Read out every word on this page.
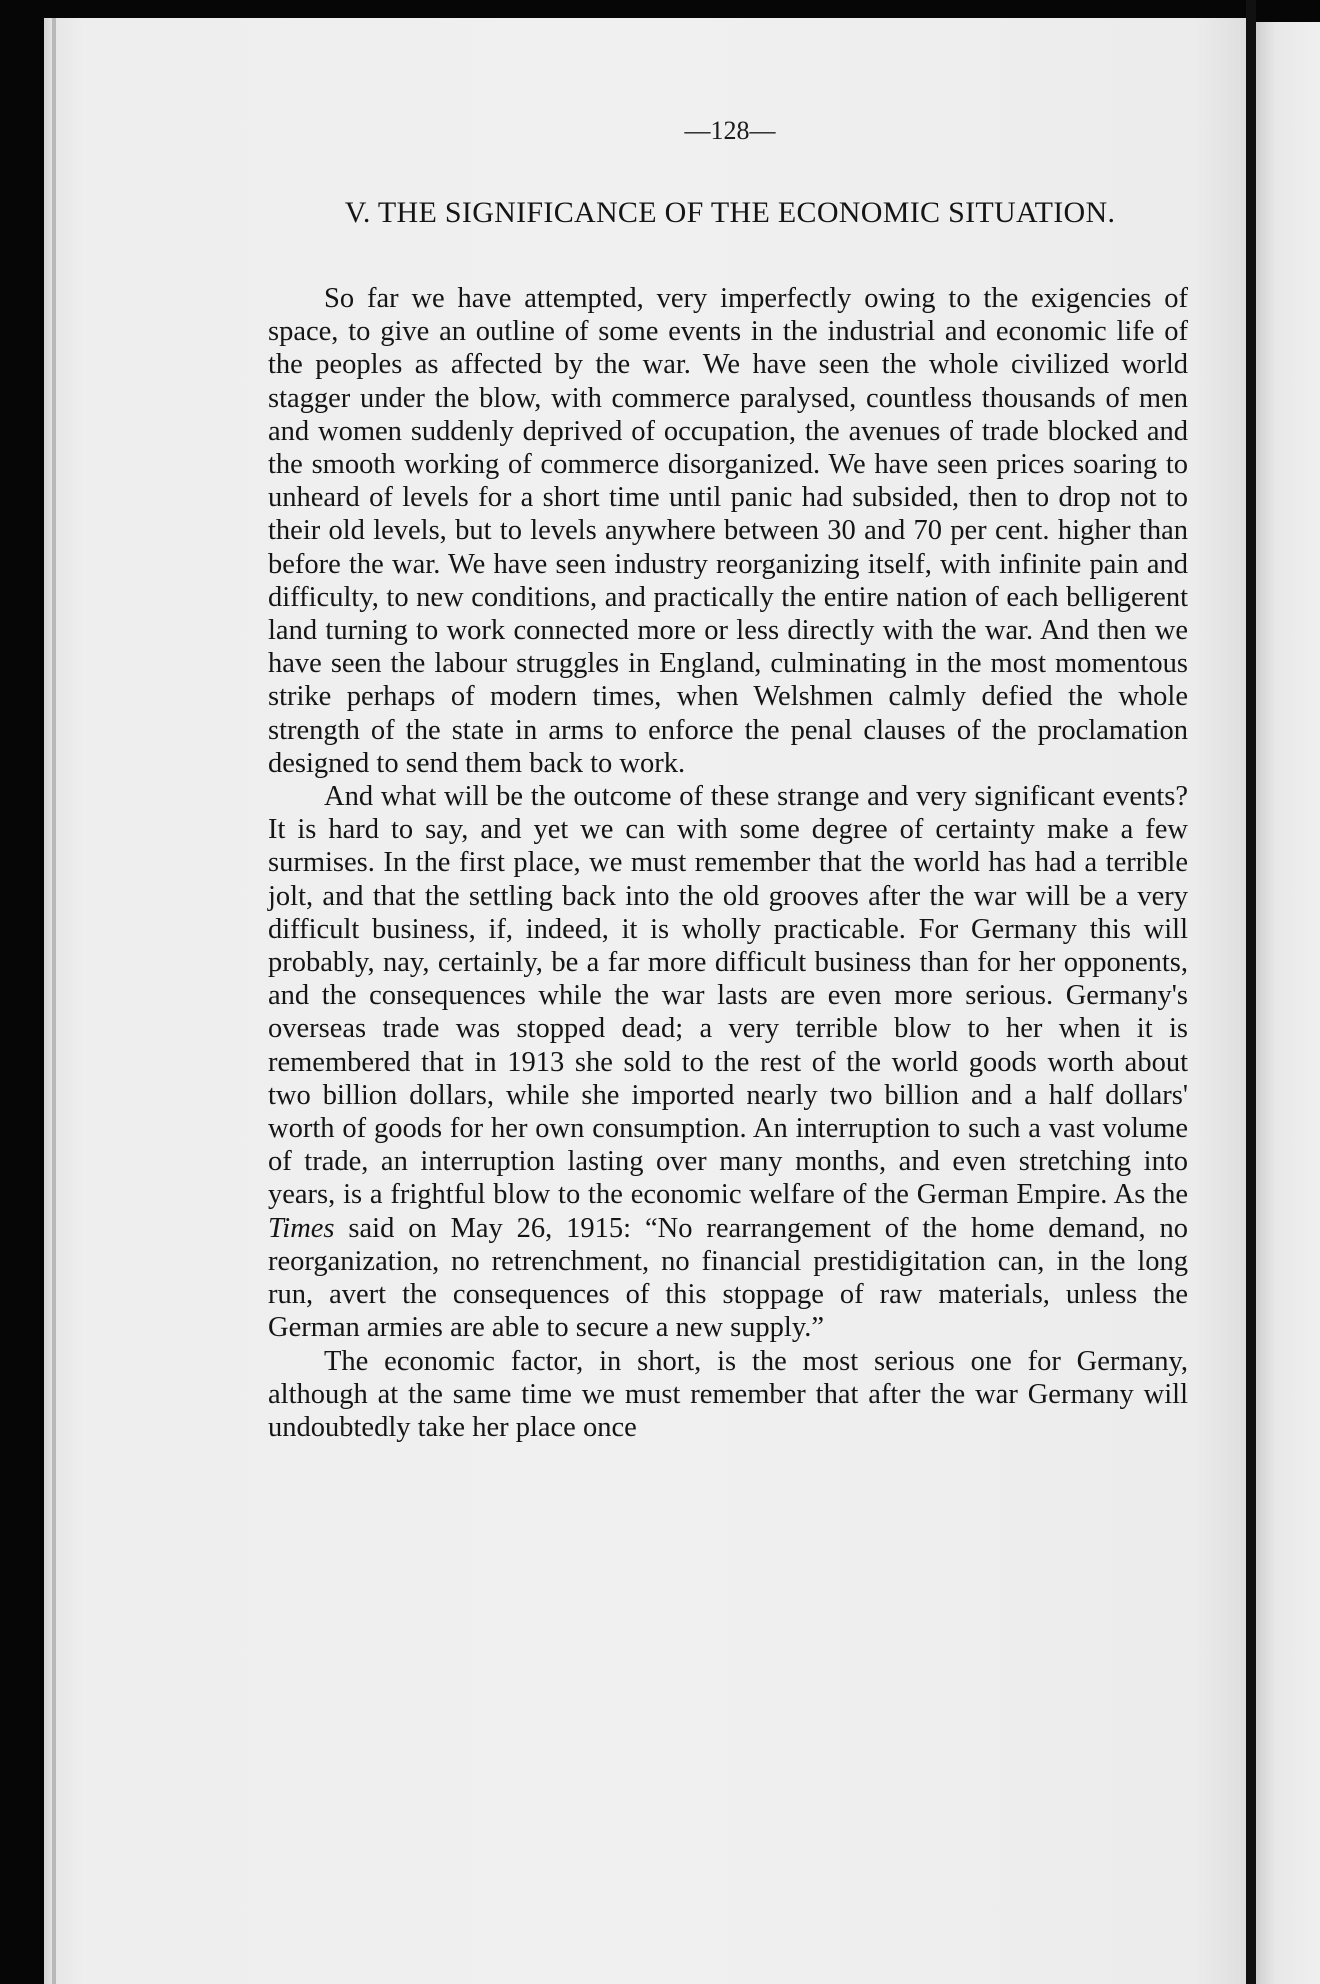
—128—
V. THE SIGNIFICANCE OF THE ECONOMIC SITUATION.

So far we have attempted, very imperfectly owing to the exigencies of space, to give an outline of some events in the industrial and economic life of the peoples as affected by the war. We have seen the whole civilized world stagger under the blow, with commerce paralysed, countless thousands of men and women suddenly deprived of occupation, the avenues of trade blocked and the smooth working of commerce disorganized. We have seen prices soaring to unheard of levels for a short time until panic had subsided, then to drop not to their old levels, but to levels anywhere between 30 and 70 per cent. higher than before the war. We have seen industry reorganizing itself, with infinite pain and difficulty, to new conditions, and practically the entire nation of each belligerent land turning to work connected more or less directly with the war. And then we have seen the labour struggles in England, culminating in the most momentous strike perhaps of modern times, when Welshmen calmly defied the whole strength of the state in arms to enforce the penal clauses of the proclamation designed to send them back to work.

And what will be the outcome of these strange and very significant events? It is hard to say, and yet we can with some degree of certainty make a few surmises. In the first place, we must remember that the world has had a terrible jolt, and that the settling back into the old grooves after the war will be a very difficult business, if, indeed, it is wholly practicable. For Germany this will probably, nay, certainly, be a far more difficult business than for her opponents, and the consequences while the war lasts are even more serious. Germany's overseas trade was stopped dead; a very terrible blow to her when it is remembered that in 1913 she sold to the rest of the world goods worth about two billion dollars, while she imported nearly two billion and a half dollars' worth of goods for her own consumption. An interruption to such a vast volume of trade, an interruption lasting over many months, and even stretching into years, is a frightful blow to the economic welfare of the German Empire. As the Times said on May 26, 1915: “No rearrangement of the home demand, no reorganization, no retrenchment, no financial prestidigitation can, in the long run, avert the consequences of this stoppage of raw materials, unless the German armies are able to secure a new supply.”

The economic factor, in short, is the most serious one for Germany, although at the same time we must remember that after the war Germany will undoubtedly take her place once
